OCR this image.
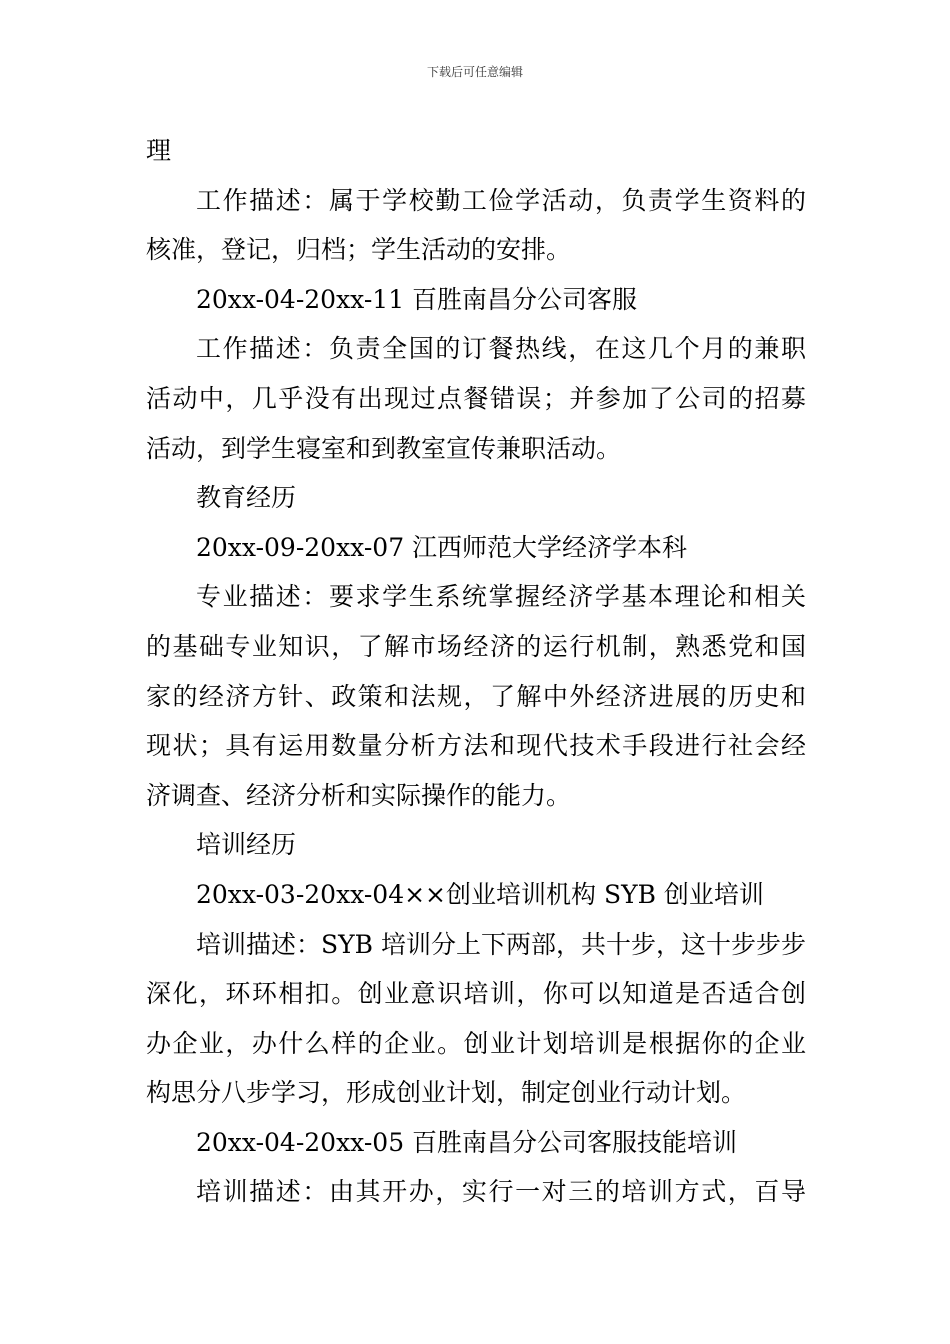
下载后可任意编辑
理
工作描述：属于学校勤工俭学活动，负责学生资料的
核准，登记，归档；学生活动的安排。
20xx-04-20xx-11 百胜南昌分公司客服
工作描述：负责全国的订餐热线，在这几个月的兼职
活动中，几乎没有出现过点餐错误；并参加了公司的招募
活动，到学生寝室和到教室宣传兼职活动。
教育经历
20xx-09-20xx-07 江西师范大学经济学本科
专业描述：要求学生系统掌握经济学基本理论和相关
的基础专业知识，了解市场经济的运行机制，熟悉党和国
家的经济方针、政策和法规，了解中外经济进展的历史和
现状；具有运用数量分析方法和现代技术手段进行社会经
济调查、经济分析和实际操作的能力。
培训经历
20xx-03-20xx-04××创业培训机构 SYB 创业培训
培训描述：SYB 培训分上下两部，共十步，这十步步步
深化，环环相扣。创业意识培训，你可以知道是否适合创
办企业，办什么样的企业。创业计划培训是根据你的企业
构思分八步学习，形成创业计划，制定创业行动计划。
20xx-04-20xx-05 百胜南昌分公司客服技能培训
培训描述：由其开办，实行一对三的培训方式，百导
